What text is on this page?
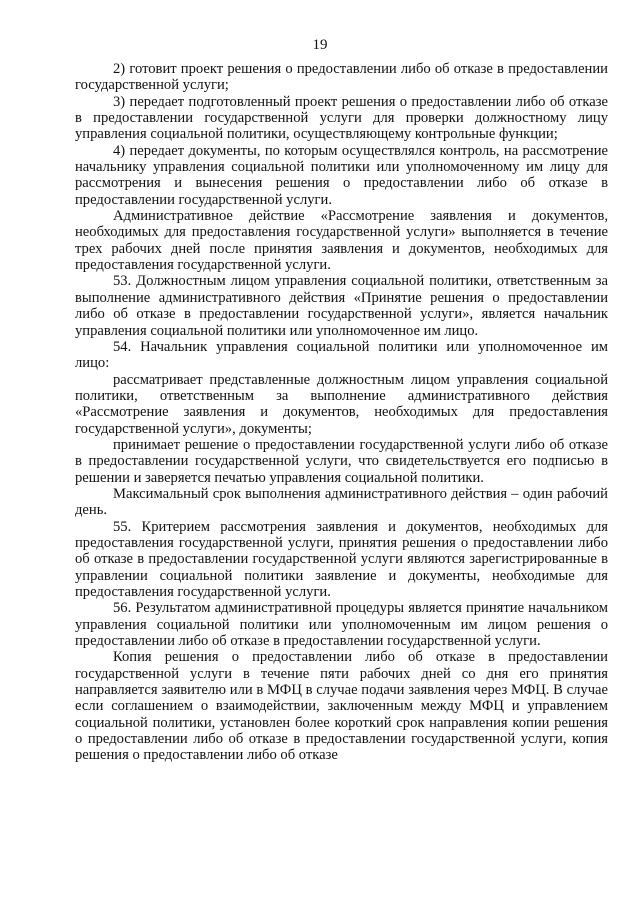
19

2) готовит проект решения о предоставлении либо об отказе в предоставлении государственной услуги;

3) передает подготовленный проект решения о предоставлении либо об отказе в предоставлении государственной услуги для проверки должностному лицу управления социальной политики, осуществляющему контрольные функции;

4) передает документы, по которым осуществлялся контроль, на рассмотрение начальнику управления социальной политики или уполномоченному им лицу для рассмотрения и вынесения решения о предоставлении либо об отказе в предоставлении государственной услуги.

Административное действие «Рассмотрение заявления и документов, необходимых для предоставления государственной услуги» выполняется в течение трех рабочих дней после принятия заявления и документов, необходимых для предоставления государственной услуги.

53. Должностным лицом управления социальной политики, ответственным за выполнение административного действия «Принятие решения о предоставлении либо об отказе в предоставлении государственной услуги», является начальник управления социальной политики или уполномоченное им лицо.

54. Начальник управления социальной политики или уполномоченное им лицо:

рассматривает представленные должностным лицом управления социальной политики, ответственным за выполнение административного действия «Рассмотрение заявления и документов, необходимых для предоставления государственной услуги», документы;

принимает решение о предоставлении государственной услуги либо об отказе в предоставлении государственной услуги, что свидетельствуется его подписью в решении и заверяется печатью управления социальной политики.

Максимальный срок выполнения административного действия – один рабочий день.

55. Критерием рассмотрения заявления и документов, необходимых для предоставления государственной услуги, принятия решения о предоставлении либо об отказе в предоставлении государственной услуги являются зарегистрированные в управлении социальной политики заявление и документы, необходимые для предоставления государственной услуги.

56. Результатом административной процедуры является принятие начальником управления социальной политики или уполномоченным им лицом решения о предоставлении либо об отказе в предоставлении государственной услуги.

Копия решения о предоставлении либо об отказе в предоставлении государственной услуги в течение пяти рабочих дней со дня его принятия направляется заявителю или в МФЦ в случае подачи заявления через МФЦ. В случае если соглашением о взаимодействии, заключенным между МФЦ и управлением социальной политики, установлен более короткий срок направления копии решения о предоставлении либо об отказе в предоставлении государственной услуги, копия решения о предоставлении либо об отказе
